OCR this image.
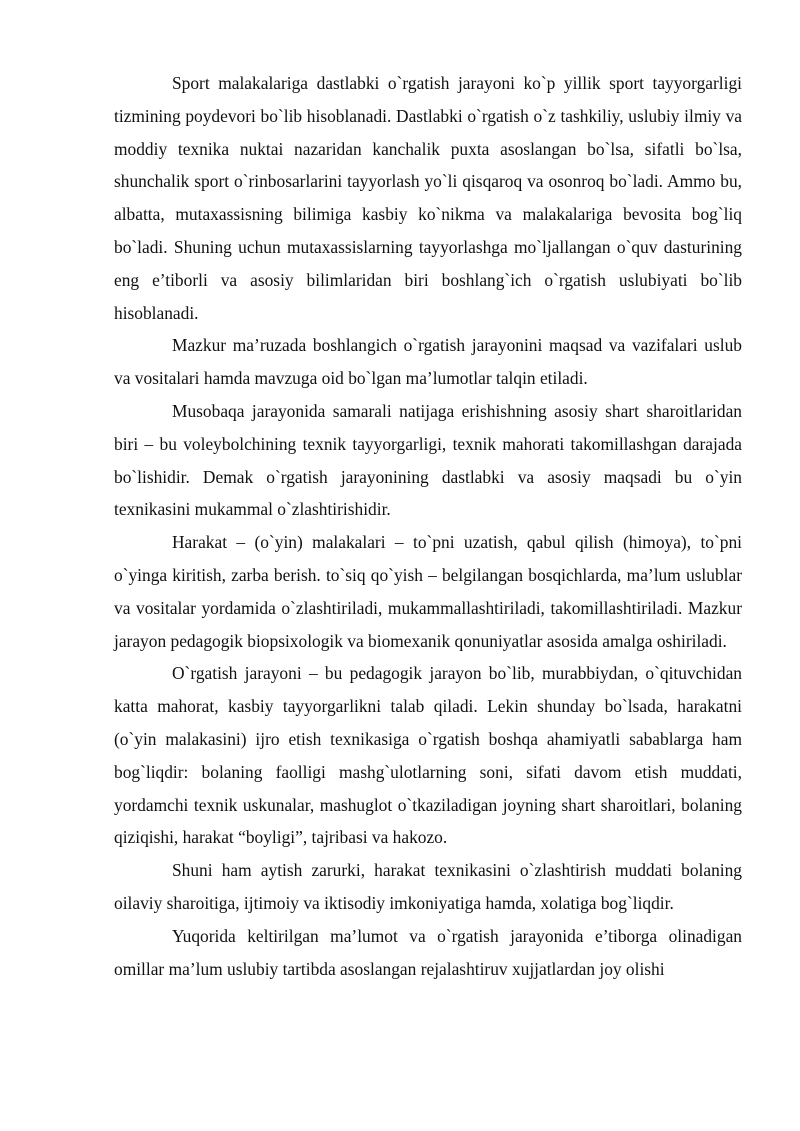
Sport malakalariga dastlabki o`rgatish jarayoni ko`p yillik sport tayyorgarligi tizmining poydevori bo`lib hisoblanadi. Dastlabki o`rgatish o`z tashkiliy, uslubiy ilmiy va moddiy texnika nuktai nazaridan kanchalik puxta asoslangan bo`lsa, sifatli bo`lsa, shunchalik sport o`rinbosarlarini tayyorlash yo`li qisqaroq va osonroq bo`ladi. Ammo bu, albatta, mutaxassisning bilimiga kasbiy ko`nikma va malakalariga bevosita bog`liq bo`ladi. Shuning uchun mutaxassislarning tayyorlashga mo`ljallangan o`quv dasturining eng e’tiborli va asosiy bilimlaridan biri boshlang`ich o`rgatish uslubiyati bo`lib hisoblanadi.

Mazkur ma’ruzada boshlangich o`rgatish jarayonini maqsad va vazifalari uslub va vositalari hamda mavzuga oid bo`lgan ma’lumotlar talqin etiladi.

Musobaqa jarayonida samarali natijaga erishishning asosiy shart sharoitlaridan biri – bu voleybolchining texnik tayyorgarligi, texnik mahorati takomillashgan darajada bo`lishidir. Demak o`rgatish jarayonining dastlabki va asosiy maqsadi bu o`yin texnikasini mukammal o`zlashtirishidir.

Harakat – (o`yin) malakalari – to`pni uzatish, qabul qilish (himoya), to`pni o`yinga kiritish, zarba berish. to`siq qo`yish – belgilangan bosqichlarda, ma’lum uslublar va vositalar yordamida o`zlashtiriladi, mukammallashtiriladi, takomillashtiriladi. Mazkur jarayon pedagogik biopsixologik va biomexanik qonuniyatlar asosida amalga oshiriladi.

O`rgatish jarayoni – bu pedagogik jarayon bo`lib, murabbiydan, o`qituvchidan katta mahorat, kasbiy tayyorgarlikni talab qiladi. Lekin shunday bo`lsada, harakatni (o`yin malakasini) ijro etish texnikasiga o`rgatish boshqa ahamiyatli sabablarga ham bog`liqdir: bolaning faolligi mashg`ulotlarning soni, sifati davom etish muddati, yordamchi texnik uskunalar, mashuglot o`tkaziladigan joyning shart sharoitlari, bolaning qiziqishi, harakat “boyligi”, tajribasi va hakozo.

Shuni ham aytish zarurki, harakat texnikasini o`zlashtirish muddati bolaning oilaviy sharoitiga, ijtimoiy va iktisodiy imkoniyatiga hamda, xolatiga bog`liqdir.

Yuqorida keltirilgan ma’lumot va o`rgatish jarayonida e’tiborga olinadigan omillar ma’lum uslubiy tartibda asoslangan rejalashtiruv xujjatlardan joy olishi
